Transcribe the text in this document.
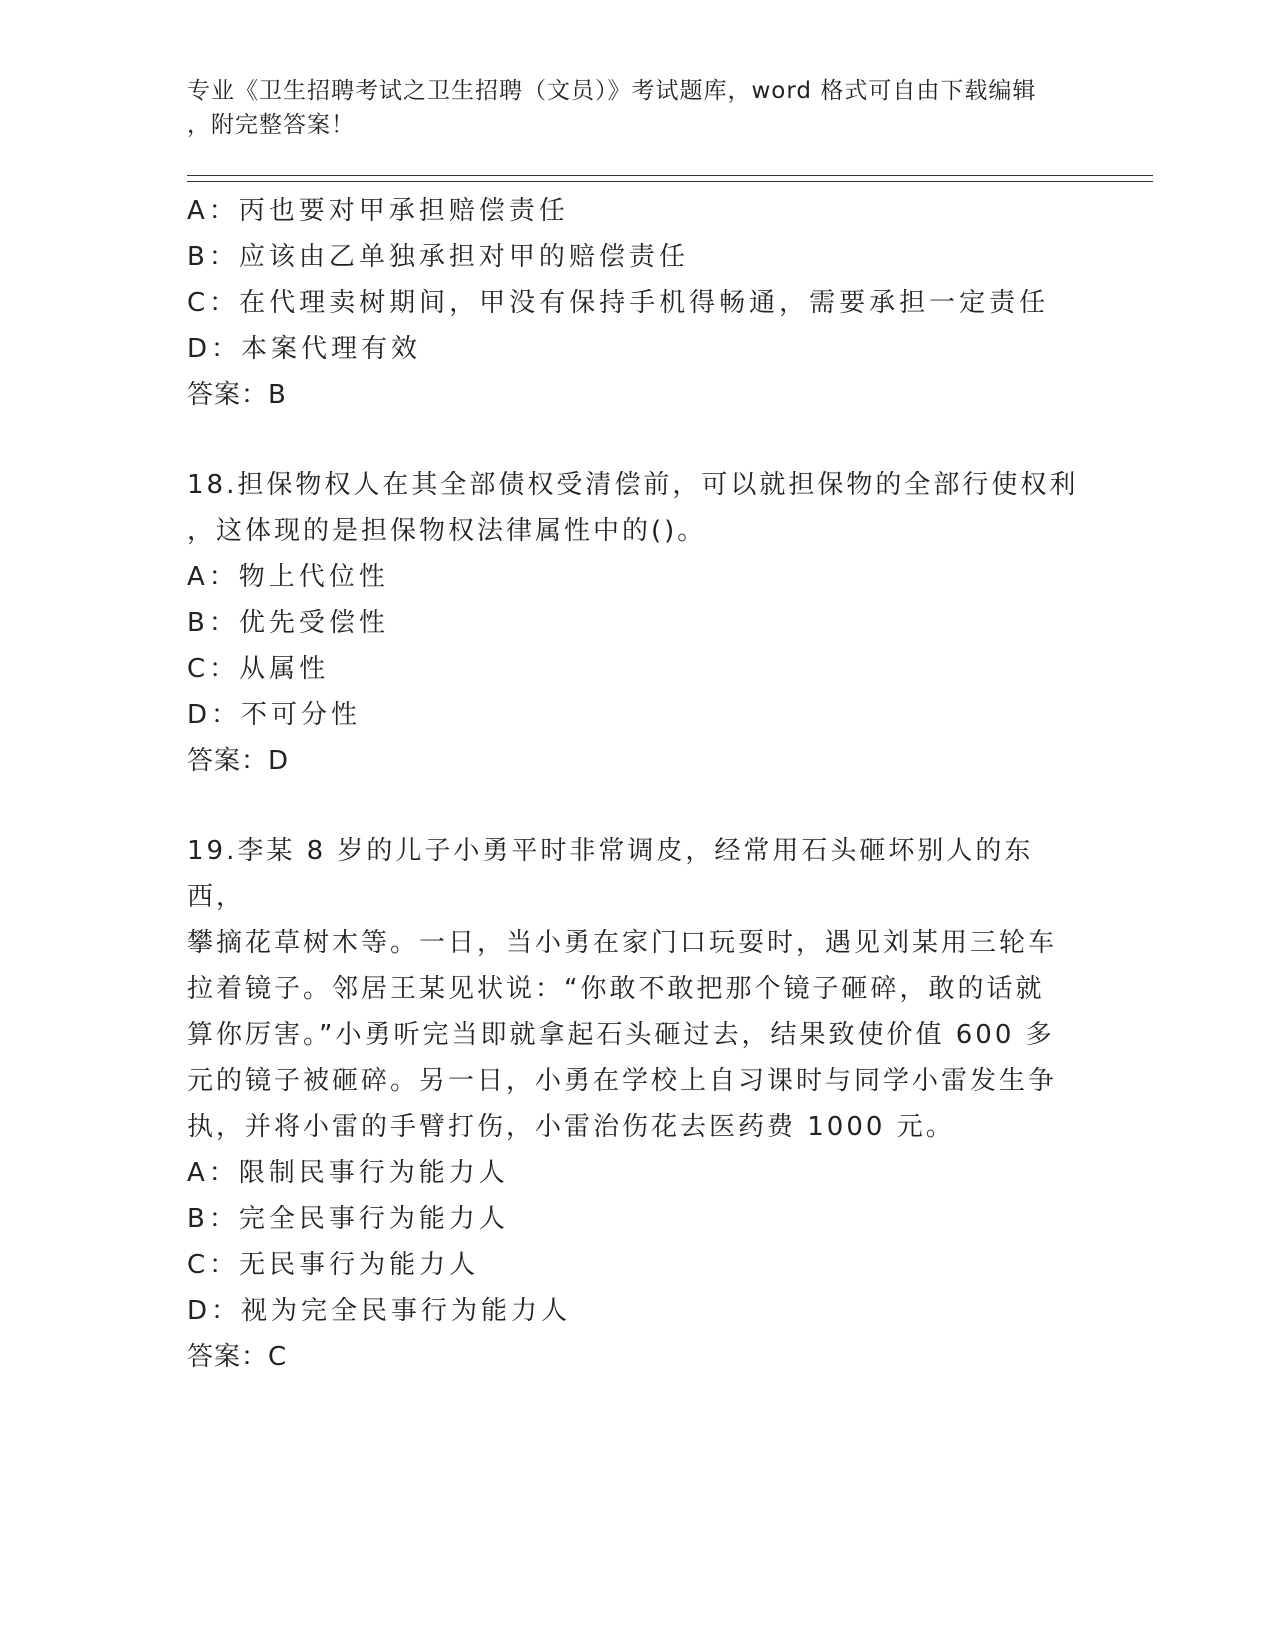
专业《卫生招聘考试之卫生招聘（文员）》考试题库，word 格式可自由下载编辑
，附完整答案！
A：丙也要对甲承担赔偿责任
B：应该由乙单独承担对甲的赔偿责任
C：在代理卖树期间，甲没有保持手机得畅通，需要承担一定责任
D：本案代理有效
答案：B
18.担保物权人在其全部债权受清偿前，可以就担保物的全部行使权利
，这体现的是担保物权法律属性中的()。
A：物上代位性
B：优先受偿性
C：从属性
D：不可分性
答案：D
19.李某 8 岁的儿子小勇平时非常调皮，经常用石头砸坏别人的东西，
攀摘花草树木等。一日，当小勇在家门口玩耍时，遇见刘某用三轮车
拉着镜子。邻居王某见状说：“你敢不敢把那个镜子砸碎，敢的话就
算你厉害。”小勇听完当即就拿起石头砸过去，结果致使价值 600 多
元的镜子被砸碎。另一日，小勇在学校上自习课时与同学小雷发生争
执，并将小雷的手臂打伤，小雷治伤花去医药费 1000 元。
A：限制民事行为能力人
B：完全民事行为能力人
C：无民事行为能力人
D：视为完全民事行为能力人
答案：C
